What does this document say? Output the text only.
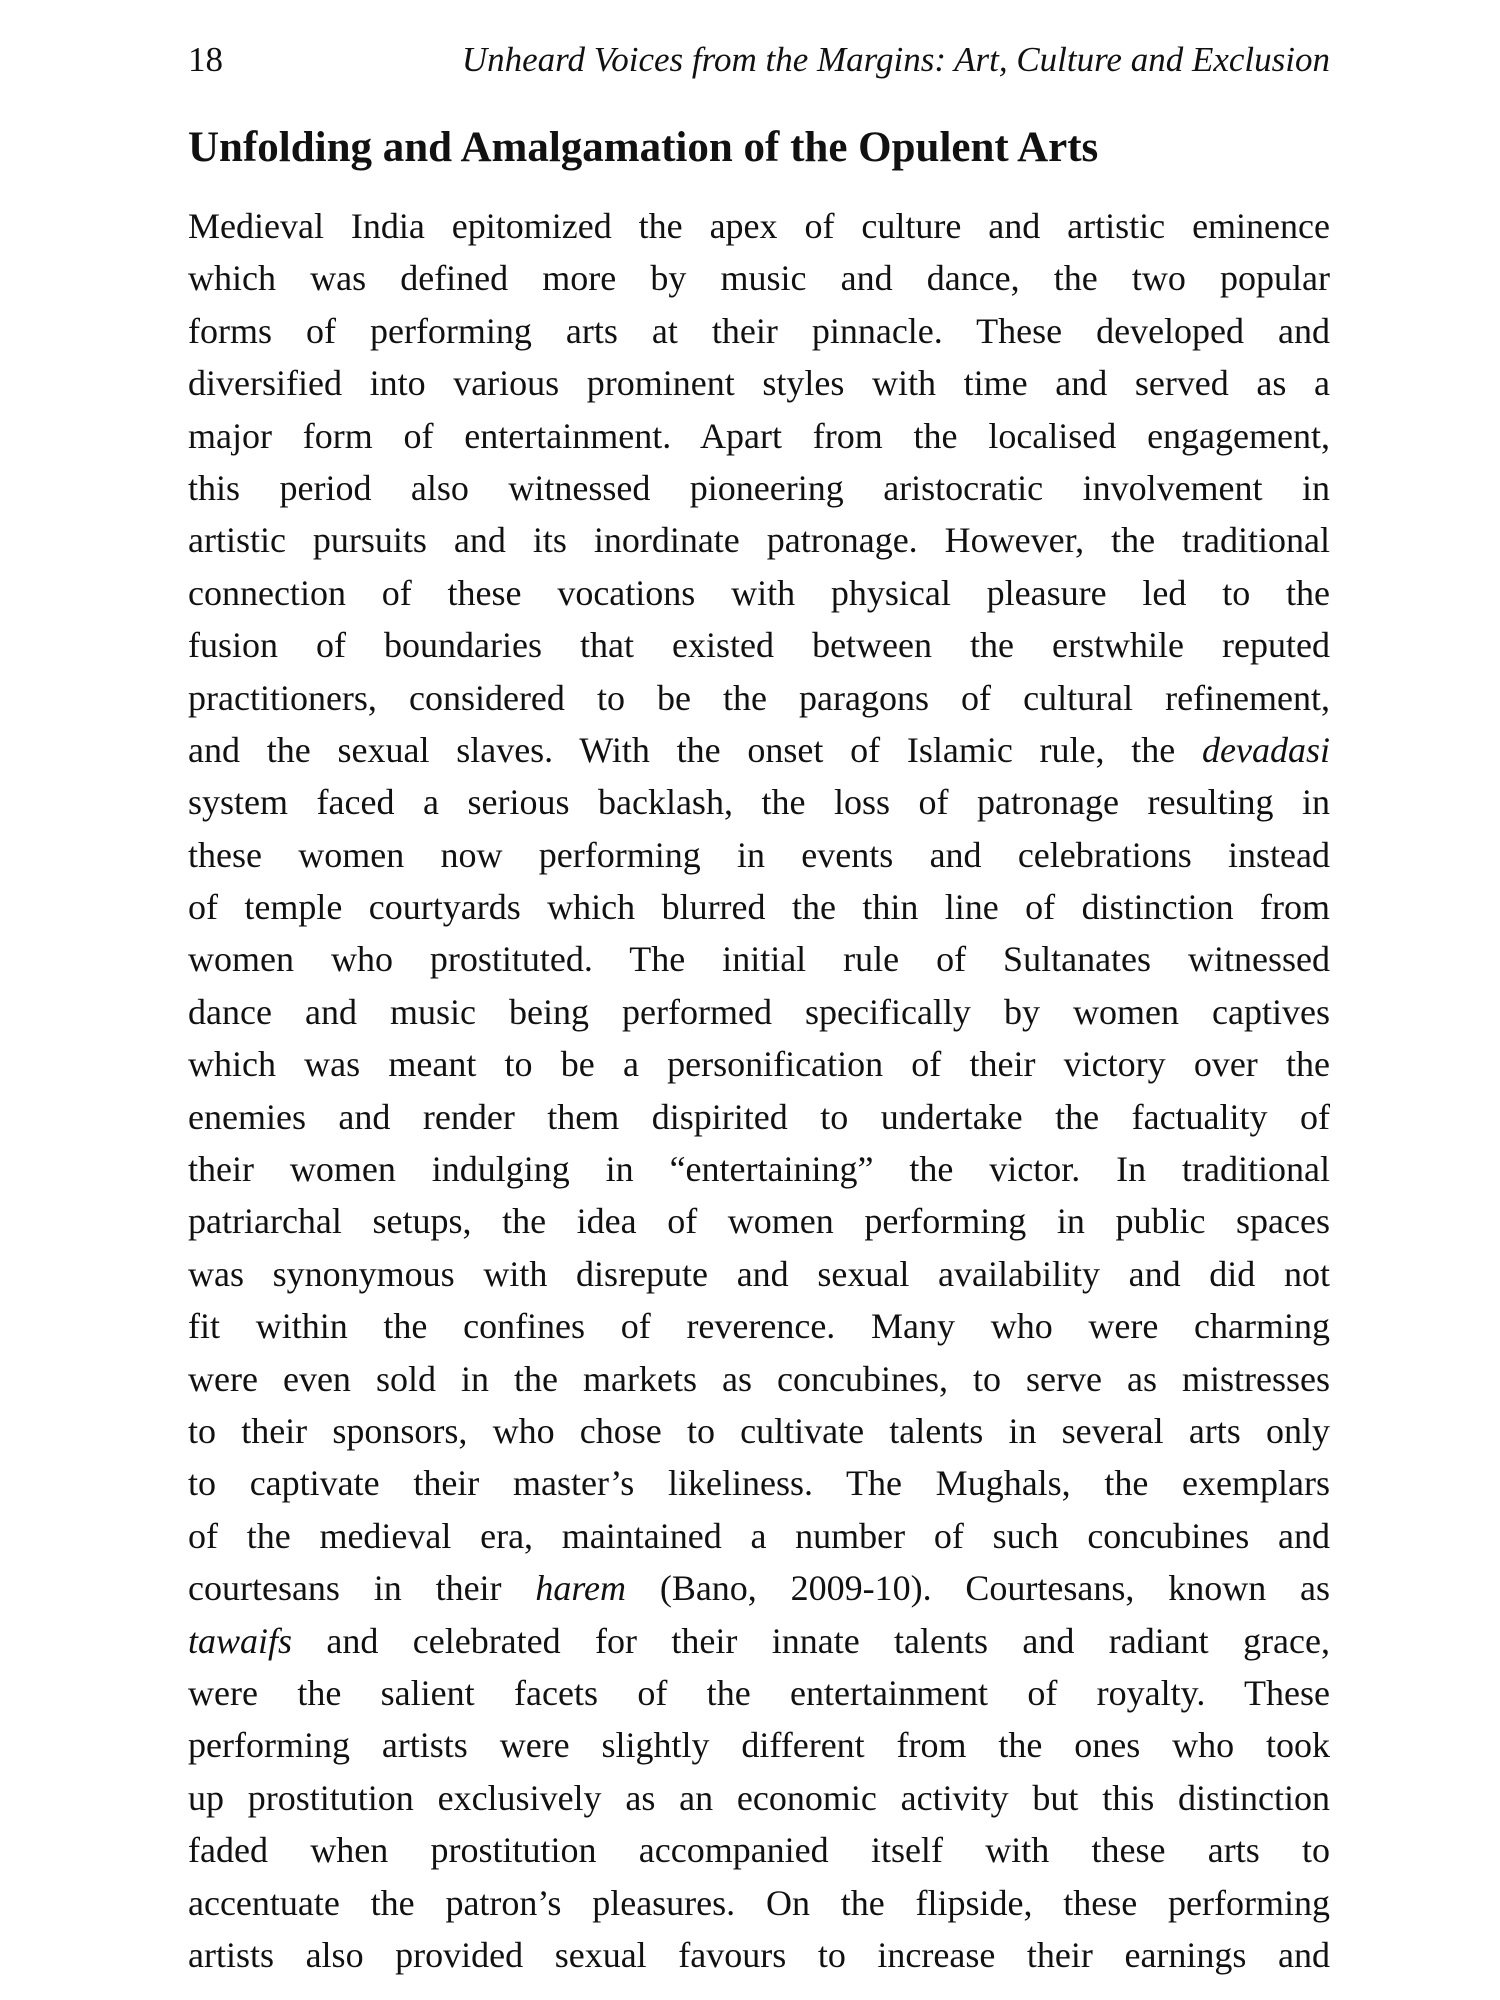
18	Unheard Voices from the Margins: Art, Culture and Exclusion
Unfolding and Amalgamation of the Opulent Arts
Medieval India epitomized the apex of culture and artistic eminence
which was defined more by music and dance, the two popular
forms of performing arts at their pinnacle. These developed and
diversified into various prominent styles with time and served as a
major form of entertainment. Apart from the localised engagement,
this period also witnessed pioneering aristocratic involvement in
artistic pursuits and its inordinate patronage. However, the traditional
connection of these vocations with physical pleasure led to the
fusion of boundaries that existed between the erstwhile reputed
practitioners, considered to be the paragons of cultural refinement,
and the sexual slaves. With the onset of Islamic rule, the devadasi
system faced a serious backlash, the loss of patronage resulting in
these women now performing in events and celebrations instead
of temple courtyards which blurred the thin line of distinction from
women who prostituted. The initial rule of Sultanates witnessed
dance and music being performed specifically by women captives
which was meant to be a personification of their victory over the
enemies and render them dispirited to undertake the factuality of
their women indulging in “entertaining” the victor. In traditional
patriarchal setups, the idea of women performing in public spaces
was synonymous with disrepute and sexual availability and did not
fit within the confines of reverence. Many who were charming
were even sold in the markets as concubines, to serve as mistresses
to their sponsors, who chose to cultivate talents in several arts only
to captivate their master’s likeliness. The Mughals, the exemplars
of the medieval era, maintained a number of such concubines and
courtesans in their harem (Bano, 2009-10). Courtesans, known as
tawaifs and celebrated for their innate talents and radiant grace,
were the salient facets of the entertainment of royalty. These
performing artists were slightly different from the ones who took
up prostitution exclusively as an economic activity but this distinction
faded when prostitution accompanied itself with these arts to
accentuate the patron’s pleasures. On the flipside, these performing
artists also provided sexual favours to increase their earnings and
